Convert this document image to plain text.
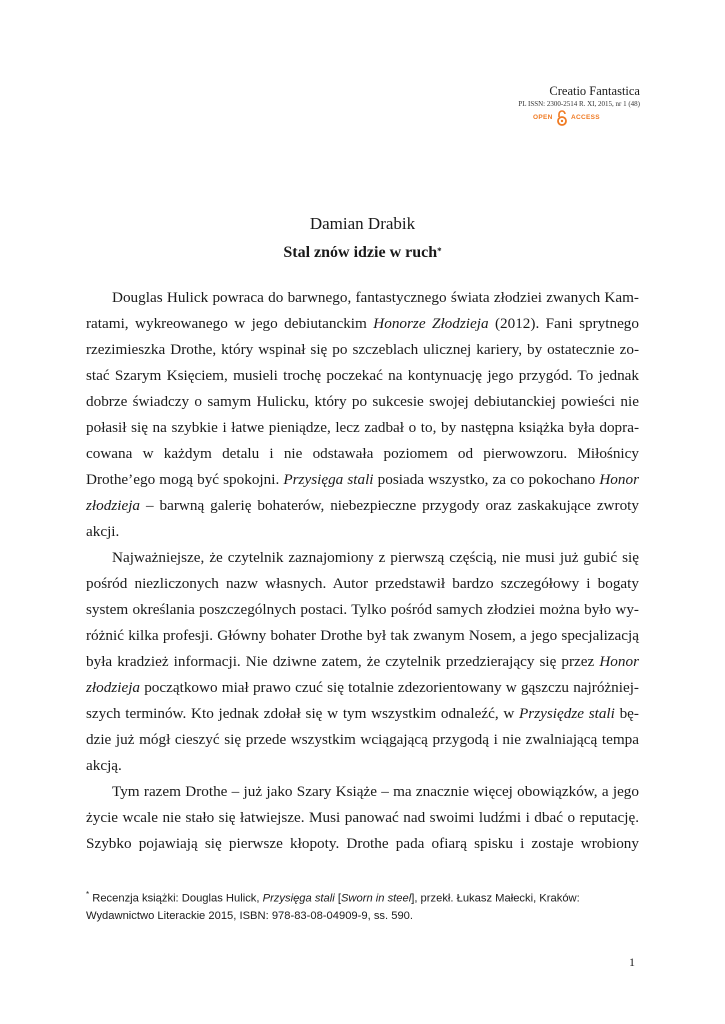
Creatio Fantastica
PL ISSN: 2300-2514 R. XI, 2015, nr 1 (48)
OPEN	ACCESS
Damian Drabik
Stal znów idzie w ruch*
Douglas Hulick powraca do barwnego, fantastycznego świata złodziei zwanych Kam-
ratami, wykreowanego w jego debiutanckim Honorze Złodzieja (2012). Fani sprytnego
rzezimieszka Drothe, który wspinał się po szczeblach ulicznej kariery, by ostatecznie zo-
stać Szarym Księciem, musieli trochę poczekać na kontynuację jego przygód. To jednak
dobrze świadczy o samym Hulicku, który po sukcesie swojej debiutanckiej powieści nie
połasił się na szybkie i łatwe pieniądze, lecz zadbał o to, by następna książka była dopra-
cowana w każdym detalu i nie odstawała poziomem od pierwowzoru. Miłośnicy
Drothe’ego mogą być spokojni. Przysięga stali posiada wszystko, za co pokochano Honor
złodzieja – barwną galerię bohaterów, niebezpieczne przygody oraz zaskakujące zwroty
akcji.
Najważniejsze, że czytelnik zaznajomiony z pierwszą częścią, nie musi już gubić się
pośród niezliczonych nazw własnych. Autor przedstawił bardzo szczegółowy i bogaty
system określania poszczególnych postaci. Tylko pośród samych złodziei można było wy-
różnić kilka profesji. Główny bohater Drothe był tak zwanym Nosem, a jego specjalizacją
była kradzież informacji. Nie dziwne zatem, że czytelnik przedzierający się przez Honor
złodzieja początkowo miał prawo czuć się totalnie zdezorientowany w gąszczu najróżniej-
szych terminów. Kto jednak zdołał się w tym wszystkim odnaleźć, w Przysiędze stali bę-
dzie już mógł cieszyć się przede wszystkim wciągającą przygodą i nie zwalniającą tempa
akcją.
Tym razem Drothe – już jako Szary Książe – ma znacznie więcej obowiązków, a jego
życie wcale nie stało się łatwiejsze. Musi panować nad swoimi ludźmi i dbać o reputację.
Szybko pojawiają się pierwsze kłopoty. Drothe pada ofiarą spisku i zostaje wrobiony
* Recenzja książki: Douglas Hulick, Przysięga stali [Sworn in steel], przekł. Łukasz Małecki, Kraków:
Wydawnictwo Literackie 2015, ISBN: 978-83-08-04909-9, ss. 590.
1
